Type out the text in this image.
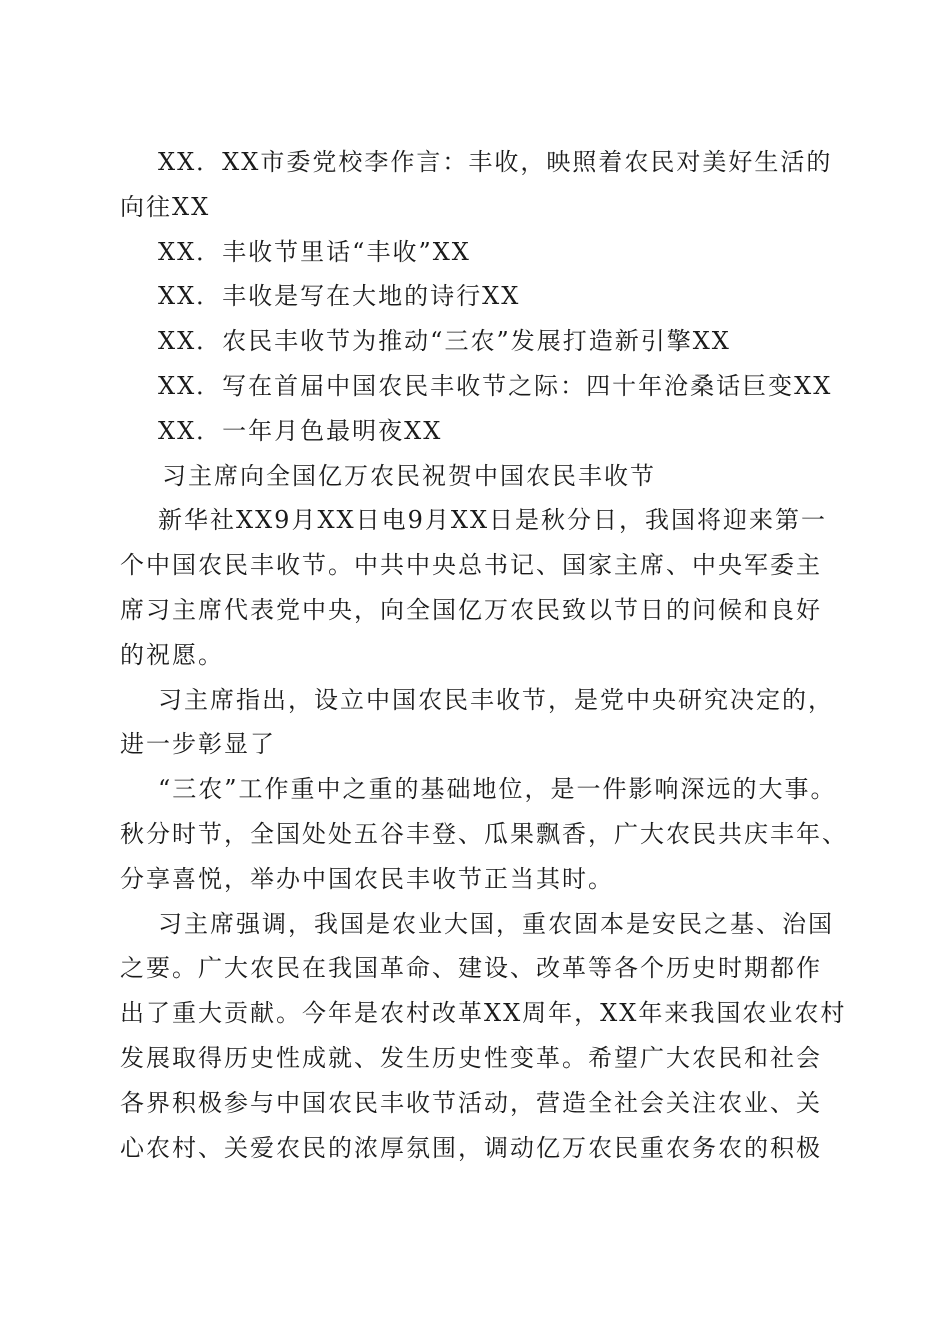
XX．XX市委党校李作言：丰收，映照着农民对美好生活的
向往XX
XX．丰收节里话“丰收”XX
XX．丰收是写在大地的诗行XX
XX．农民丰收节为推动“三农”发展打造新引擎XX
XX．写在首届中国农民丰收节之际：四十年沧桑话巨变XX
XX．一年月色最明夜XX
习主席向全国亿万农民祝贺中国农民丰收节
新华社XX9月XX日电9月XX日是秋分日，我国将迎来第一
个中国农民丰收节。中共中央总书记、国家主席、中央军委主
席习主席代表党中央，向全国亿万农民致以节日的问候和良好
的祝愿。
习主席指出，设立中国农民丰收节，是党中央研究决定的，
进一步彰显了
“三农”工作重中之重的基础地位，是一件影响深远的大事。
秋分时节，全国处处五谷丰登、瓜果飘香，广大农民共庆丰年、
分享喜悦，举办中国农民丰收节正当其时。
习主席强调，我国是农业大国，重农固本是安民之基、治国
之要。广大农民在我国革命、建设、改革等各个历史时期都作
出了重大贡献。今年是农村改革XX周年，XX年来我国农业农村
发展取得历史性成就、发生历史性变革。希望广大农民和社会
各界积极参与中国农民丰收节活动，营造全社会关注农业、关
心农村、关爱农民的浓厚氛围，调动亿万农民重农务农的积极
